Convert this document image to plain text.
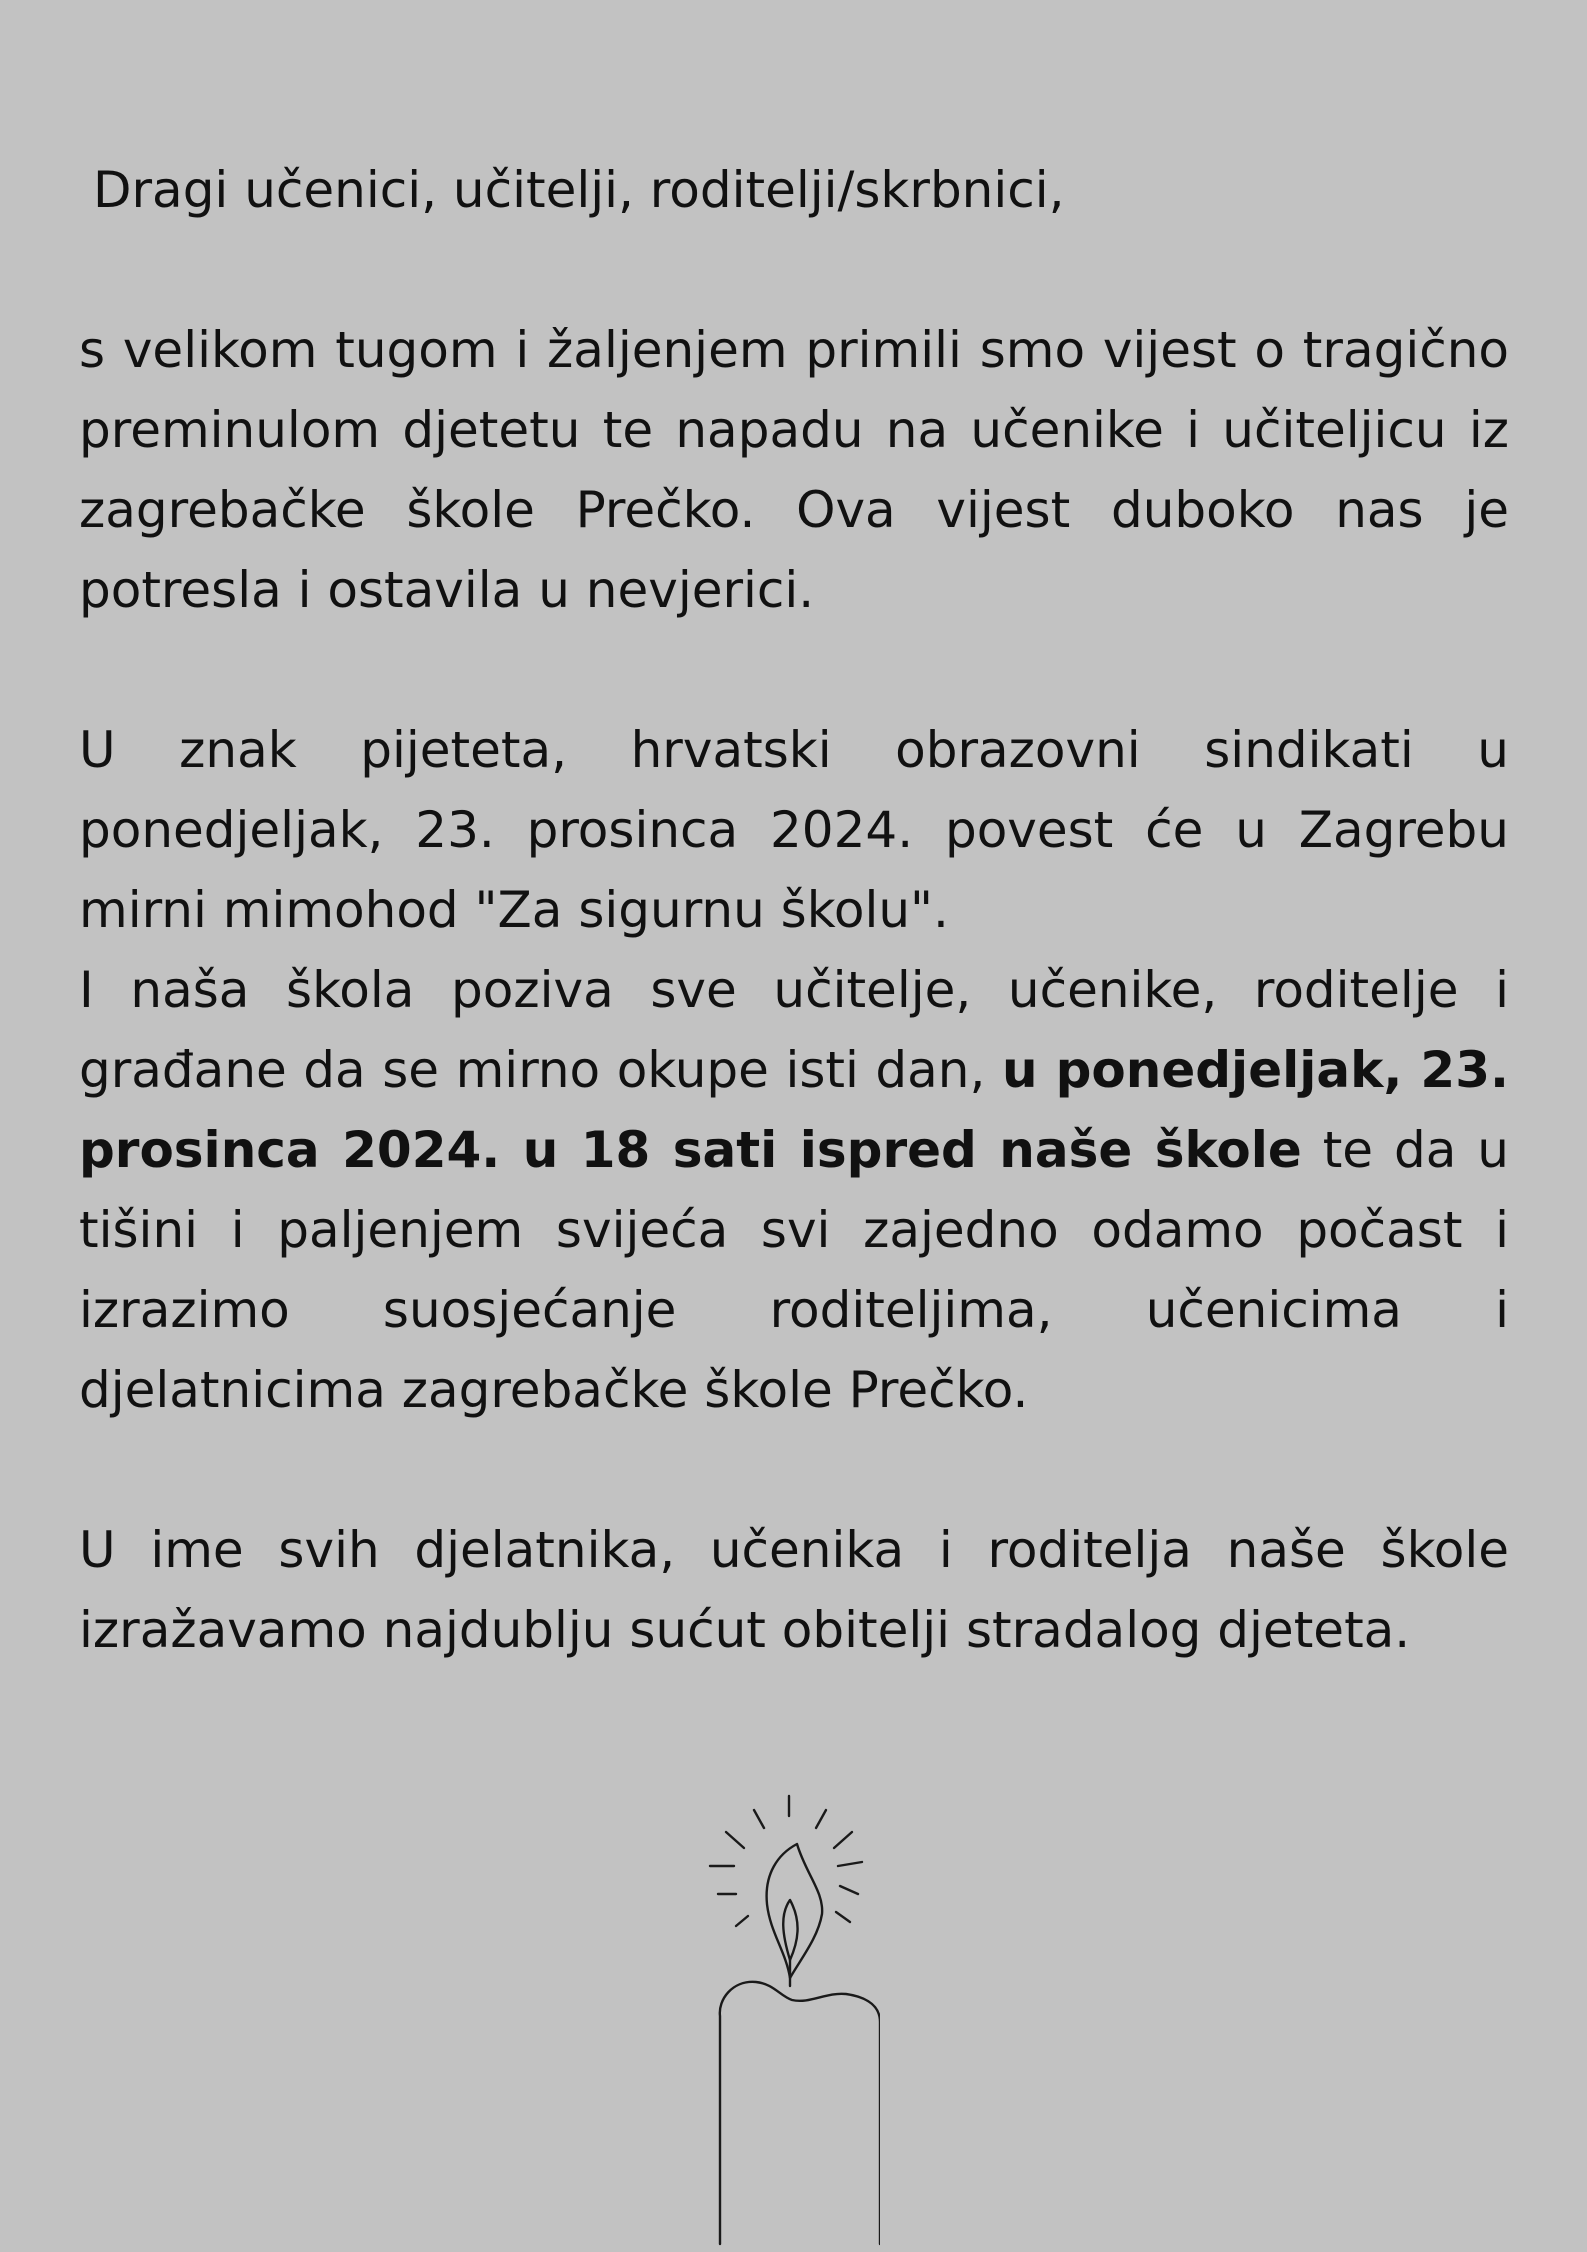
Dragi učenici, učitelji, roditelji/skrbnici,

s velikom tugom i žaljenjem primili smo vijest o tragično preminulom djetetu te napadu na učenike i učiteljicu iz zagrebačke škole Prečko. Ova vijest duboko nas je potresla i ostavila u nevjerici.

U znak pijeteta, hrvatski obrazovni sindikati u ponedjeljak, 23. prosinca 2024. povest će u Zagrebu mirni mimohod "Za sigurnu školu".

I naša škola poziva sve učitelje, učenike, roditelje i građane da se mirno okupe isti dan, u ponedjeljak, 23. prosinca 2024. u 18 sati ispred naše škole te da u tišini i paljenjem svijeća svi zajedno odamo počast i izrazimo suosjećanje roditeljima, učenicima i djelatnicima zagrebačke škole Prečko.

U ime svih djelatnika, učenika i roditelja naše škole izražavamo najdublju sućut obitelji stradalog djeteta.
